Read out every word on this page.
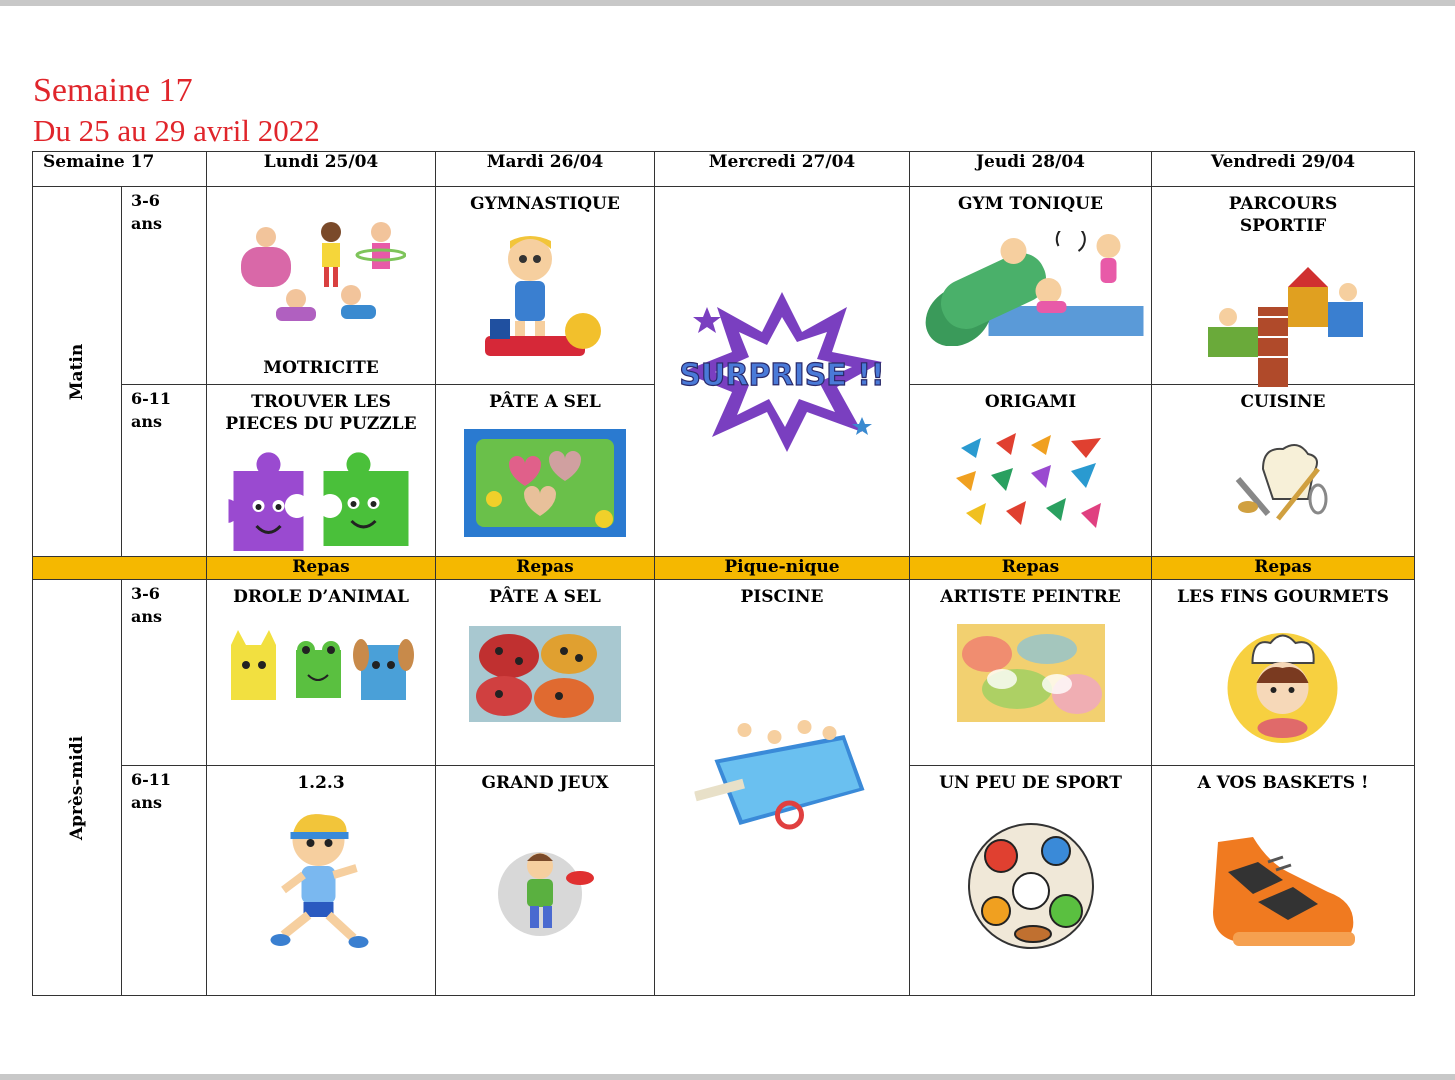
Semaine 17
Du 25 au 29 avril 2022
Semaine 17		Lundi 25/04	Mardi 26/04	Mercredi 27/04	Jeudi 28/04	Vendredi 29/04

Matin	3-6
ans	MOTRICITE	GYMNASTIQUE	SURPRISE !!	GYM TONIQUE	PARCOURS
SPORTIF

	6-11
ans	TROUVER LES
PIECES DU PUZZLE	PÂTE A SEL		ORIGAMI	CUISINE

		Repas	Repas	Pique-nique	Repas	Repas

Après-midi	3-6
ans	DROLE D’ANIMAL	PÂTE A SEL	PISCINE	ARTISTE PEINTRE	LES FINS GOURMETS

	6-11
ans	1.2.3	GRAND JEUX		UN PEU DE SPORT	A VOS BASKETS !
